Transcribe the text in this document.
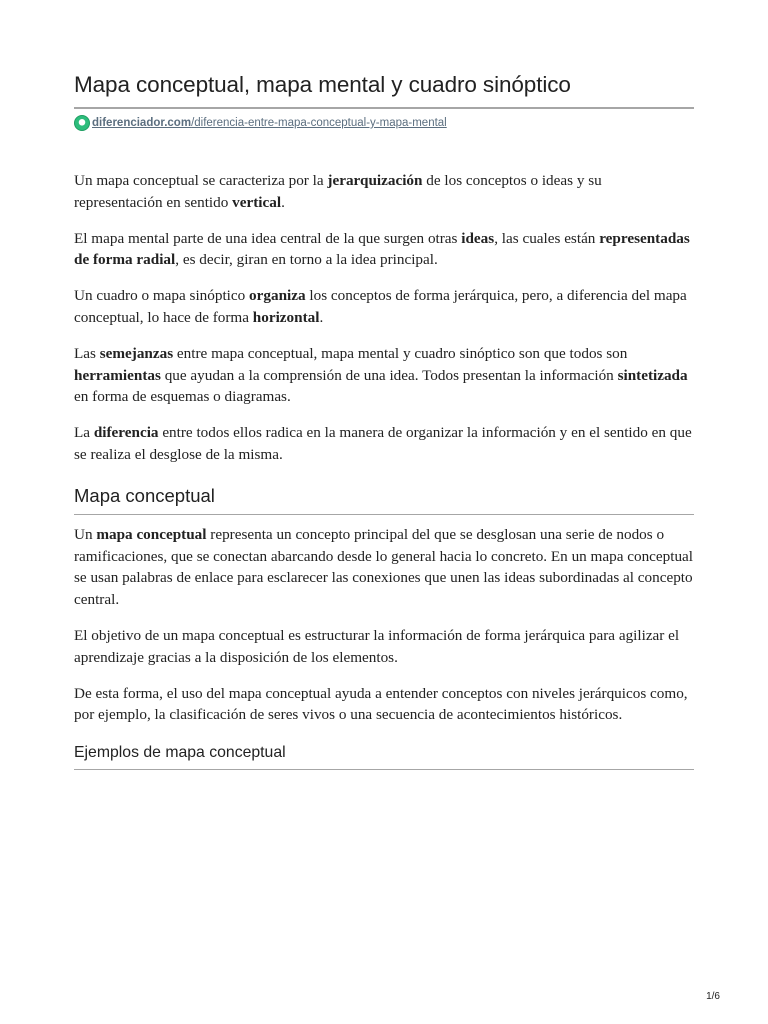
Mapa conceptual, mapa mental y cuadro sinóptico
diferenciador.com/diferencia-entre-mapa-conceptual-y-mapa-mental

Un mapa conceptual se caracteriza por la jerarquización de los conceptos o ideas y su representación en sentido vertical.

El mapa mental parte de una idea central de la que surgen otras ideas, las cuales están representadas de forma radial, es decir, giran en torno a la idea principal.

Un cuadro o mapa sinóptico organiza los conceptos de forma jerárquica, pero, a diferencia del mapa conceptual, lo hace de forma horizontal.

Las semejanzas entre mapa conceptual, mapa mental y cuadro sinóptico son que todos son herramientas que ayudan a la comprensión de una idea. Todos presentan la información sintetizada en forma de esquemas o diagramas.

La diferencia entre todos ellos radica en la manera de organizar la información y en el sentido en que se realiza el desglose de la misma.

Mapa conceptual

Un mapa conceptual representa un concepto principal del que se desglosan una serie de nodos o ramificaciones, que se conectan abarcando desde lo general hacia lo concreto. En un mapa conceptual se usan palabras de enlace para esclarecer las conexiones que unen las ideas subordinadas al concepto central.

El objetivo de un mapa conceptual es estructurar la información de forma jerárquica para agilizar el aprendizaje gracias a la disposición de los elementos.

De esta forma, el uso del mapa conceptual ayuda a entender conceptos con niveles jerárquicos como, por ejemplo, la clasificación de seres vivos o una secuencia de acontecimientos históricos.

Ejemplos de mapa conceptual
1/6
